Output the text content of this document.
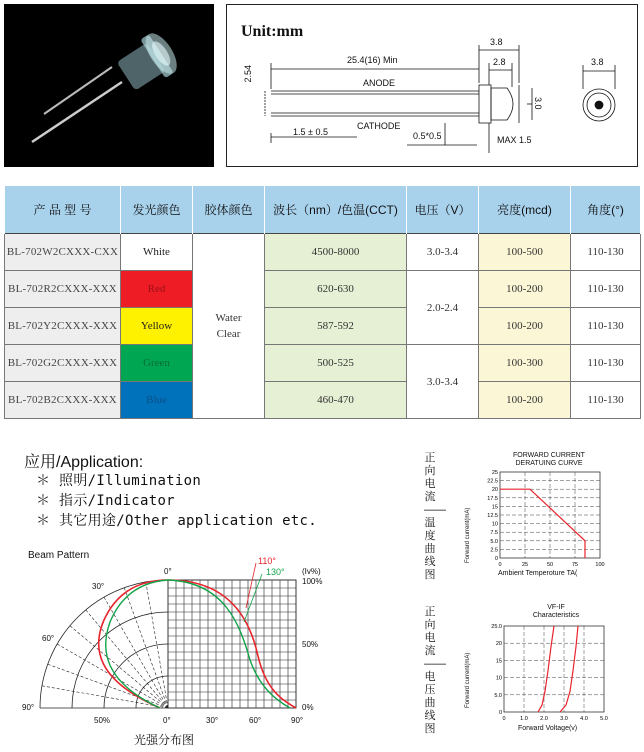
Unit:mm
3.8
25.4(16) Min	2.8
2.54
ANODE
CATHODE
3.0
1.5 ± 0.5	0.5*0.5	MAX 1.5
3.8
产 品 型 号	发光颜色	胶体颜色	波长（nm）/色温(CCT)	电压（V）	亮度(mcd)	角度(°)
BL-702W2CXXX-CXX	White	Water
Clear	4500-8000	3.0-3.4	100-500	110-130
BL-702R2CXXX-XXX	Red		620-630	2.0-2.4	100-200	110-130
BL-702Y2CXXX-XXX	Yellow		587-592		100-200	110-130
BL-702G2CXXX-XXX	Green		500-525	3.0-3.4	100-300	110-130
BL-702B2CXXX-XXX	Blue		460-470		100-200	110-130
应用/Application:
＊ 照明/Illumination
＊ 指示/Indicator
＊ 其它用途/Other application etc.
Beam Pattern	110°
130°
0°
30°
60°
90°
(Iv%)
100%
50%
0%
50%	0°	30°	60°	90°
光强分布图
正向电流——温度曲线图
FORWARD CURRENT
DERATUING CURVE
Ambient Temperoture TA(
Forward current(mA)	0
2.5
5.0
7.5
10
12.5
15
17.5
20
22.5
25
0	25	50	75	100
正向电流——电压曲线图
VF-IF
Characteristics
Forward Voltage(v)
Forward current(mA)
0
5.0
10
15
20
25.0
0	1.0 2.0 3.0 4.0 5.0
